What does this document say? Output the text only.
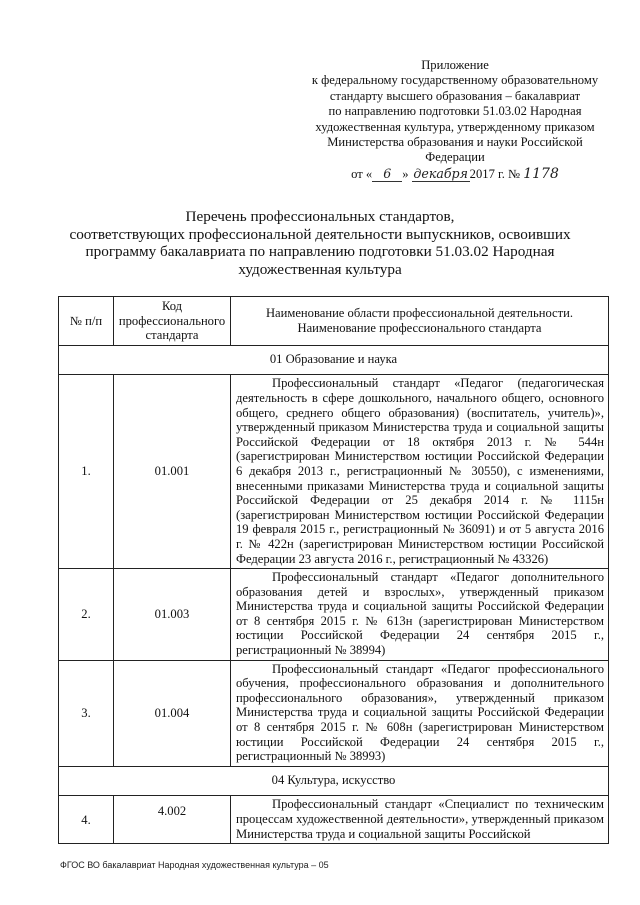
Приложение
к федеральному государственному образовательному
стандарту высшего образования – бакалавриат
по направлению подготовки 51.03.02 Народная
художественная культура, утвержденному приказом
Министерства образования и науки Российской
Федерации
от « 6 » декабря 2017 г. № 1178
Перечень профессиональных стандартов,
соответствующих профессиональной деятельности выпускников, освоивших
программу бакалавриата по направлению подготовки 51.03.02 Народная
художественная культура
№ п/п	Код профессионального стандарта	Наименование области профессиональной деятельности. Наименование профессионального стандарта
01 Образование и наука		
1.	01.001	Профессиональный стандарт «Педагог (педагогическая деятельность в сфере дошкольного, начального общего, основного общего, среднего общего образования) (воспитатель, учитель)», утвержденный приказом Министерства труда и социальной защиты Российской Федерации от 18 октября 2013 г. № 544н (зарегистрирован Министерством юстиции Российской Федерации 6 декабря 2013 г., регистрационный № 30550), с изменениями, внесенными приказами Министерства труда и социальной защиты Российской Федерации от 25 декабря 2014 г. № 1115н (зарегистрирован Министерством юстиции Российской Федерации 19 февраля 2015 г., регистрационный № 36091) и от 5 августа 2016 г. № 422н (зарегистрирован Министерством юстиции Российской Федерации 23 августа 2016 г., регистрационный № 43326)
2.	01.003	Профессиональный стандарт «Педагог дополнительного образования детей и взрослых», утвержденный приказом Министерства труда и социальной защиты Российской Федерации от 8 сентября 2015 г. № 613н (зарегистрирован Министерством юстиции Российской Федерации 24 сентября 2015 г., регистрационный № 38994)
3.	01.004	Профессиональный стандарт «Педагог профессионального обучения, профессионального образования и дополнительного профессионального образования», утвержденный приказом Министерства труда и социальной защиты Российской Федерации от 8 сентября 2015 г. № 608н (зарегистрирован Министерством юстиции Российской Федерации 24 сентября 2015 г., регистрационный № 38993)
04 Культура, искусство		
4.	4.002	Профессиональный стандарт «Специалист по техническим процессам художественной деятельности», утвержденный приказом Министерства труда и социальной защиты Российской
ФГОС ВО бакалавриат Народная художественная культура – 05
